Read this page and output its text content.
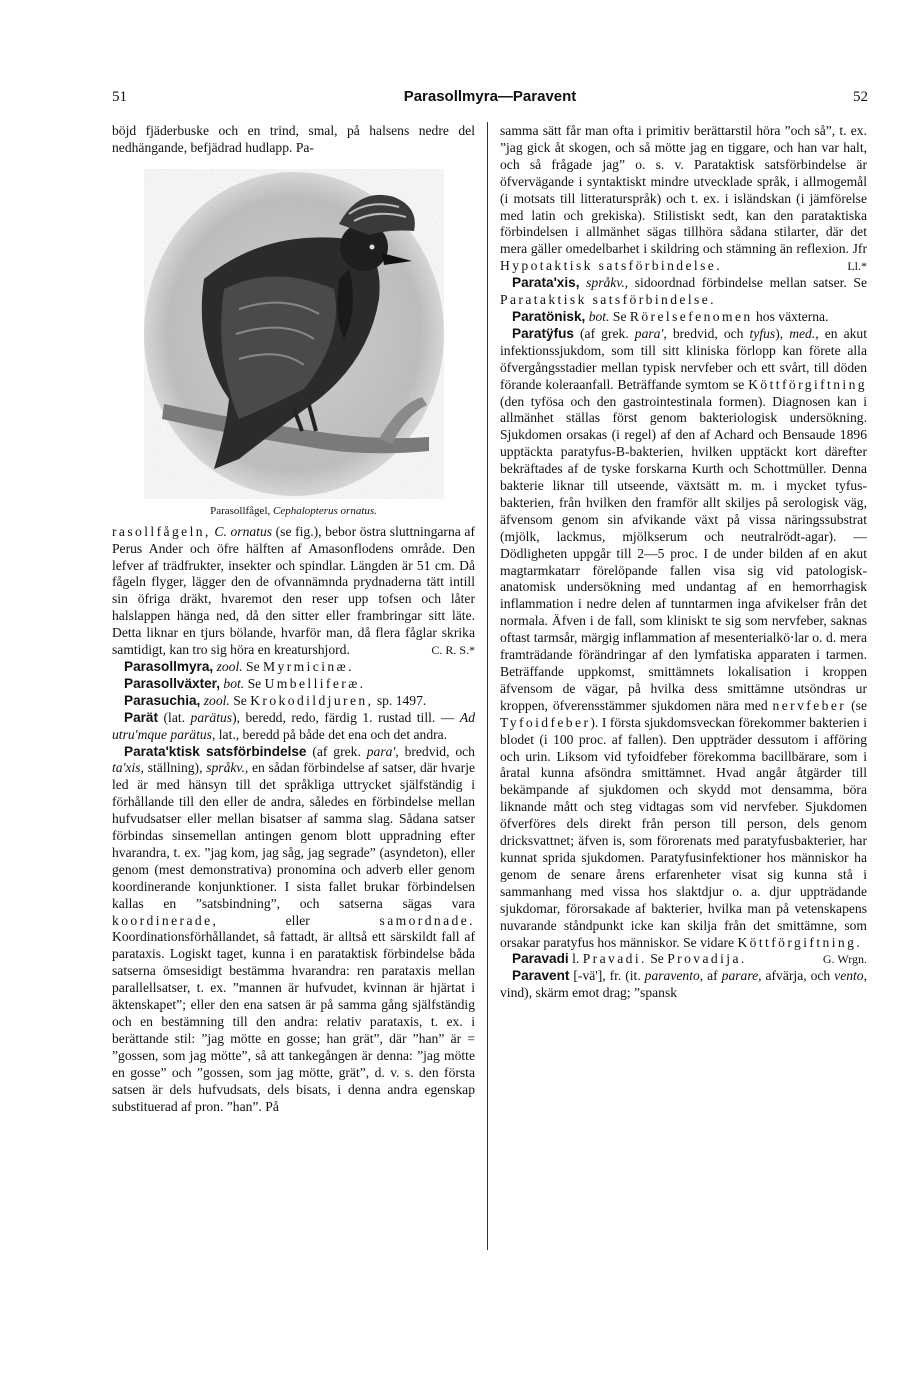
51	Parasollmyra—Paravent	52

böjd fjäderbuske och en trind, smal, på halsens nedre del nedhängande, befjädrad hudlapp. Pa-

Parasollfågel, Cephalopterus ornatus.

rasollfågeln, C. ornatus (se fig.), bebor östra sluttningarna af Perus Ander och öfre hälften af Amasonflodens område. Den lefver af trädfrukter, insekter och spindlar. Längden är 51 cm. Då fågeln flyger, lägger den de ofvannämnda prydnaderna tätt intill sin öfriga dräkt, hvaremot den reser upp tofsen och låter halslappen hänga ned, då den sitter eller frambringar sitt läte. Detta liknar en tjurs bölande, hvarför man, då flera fåglar skrika samtidigt, kan tro sig höra en kreaturshjord.	C. R. S.*

Parasollmyra, zool. Se Myrmicinæ.

Parasollväxter, bot. Se Umbelliferæ.

Parasuchia, zool. Se Krokodildjuren, sp. 1497.

Parät (lat. parätus), beredd, redo, färdig 1. rustad till. — Ad utru'mque parätus, lat., beredd på både det ena och det andra.

Parata'ktisk satsförbindelse (af grek. para', bredvid, och ta'xis, ställning), språkv., en sådan förbindelse af satser, där hvarje led är med hänsyn till det språkliga uttrycket själfständig i förhållande till den eller de andra, således en förbindelse mellan hufvudsatser eller mellan bisatser af samma slag. Sådana satser förbindas sinsemellan antingen genom blott uppradning efter hvarandra, t. ex. ”jag kom, jag såg, jag segrade” (asyndeton), eller genom (mest demonstrativa) pronomina och adverb eller genom koordinerande konjunktioner. I sista fallet brukar förbindelsen kallas en ”satsbindning”, och satserna sägas vara koordinerade, eller	samordnade. Koordinationsförhållandet, så fattadt, är alltså ett särskildt fall af parataxis. Logiskt taget, kunna i en parataktisk förbindelse båda satserna ömsesidigt bestämma hvarandra: ren parataxis mellan parallellsatser, t. ex. ”mannen är hufvudet, kvinnan är hjärtat i äktenskapet”; eller den ena satsen är på samma gång själfständig och en bestämning till den andra: relativ parataxis, t. ex. i berättande stil: ”jag mötte en gosse; han grät”, där ”han” är = ”gossen, som jag mötte”, så att tankegången är denna: ”jag mötte en gosse” och ”gossen, som jag mötte, grät”, d. v. s. den första satsen är dels hufvudsats, dels bisats, i denna andra egenskap substituerad af pron. ”han”. På

samma sätt får man ofta i primitiv berättarstil höra ”och så”, t. ex. ”jag gick åt skogen, och så mötte jag en tiggare, och han var halt, och så frågade jag” o. s. v. Parataktisk satsförbindelse är öfvervägande i syntaktiskt mindre utvecklade språk, i allmogemål (i motsats till litteraturspråk) och t. ex. i isländskan (i jämförelse med latin och grekiska). Stilistiskt sedt, kan den parataktiska förbindelsen i allmänhet sägas tillhöra sådana stilarter, där det mera gäller omedelbarhet i skildring och stämning än reflexion. Jfr Hypotaktisk satsförbindelse.	Ll.*

Parata'xis, språkv., sidoordnad förbindelse mellan satser. Se Parataktisk satsförbindelse.

Paratönisk, bot. Se Rörelsefenomen hos växterna.

Paratÿfus (af grek. para', bredvid, och tyfus), med., en akut infektionssjukdom, som till sitt kliniska förlopp kan förete alla öfvergångsstadier mellan typisk nervfeber och ett svårt, till döden förande koleraanfall. Beträffande symtom se Köttförgiftning (den tyfösa och den gastrointestinala formen). Diagnosen kan i allmänhet ställas först genom bakteriologisk undersökning. Sjukdomen orsakas (i regel) af den af Achard och Bensaude 1896 upptäckta paratyfus-B-bakterien, hvilken upptäckt kort därefter bekräftades af de tyske forskarna Kurth och Schottmüller. Denna bakterie liknar till utseende, växtsätt m. m. i mycket tyfus-bakterien, från hvilken den framför allt skiljes på serologisk väg, äfvensom genom sin afvikande växt på vissa näringssubstrat (mjölk, lackmus, mjölkserum och neutralrödt-agar). — Dödligheten uppgår till 2—5 proc. I de under bilden af en akut magtarmkatarr förelöpande fallen visa sig vid patologisk-anatomisk undersökning med undantag af en hemorrhagisk inflammation i nedre delen af tunntarmen inga afvikelser från det normala. Äfven i de fall, som kliniskt te sig som nervfeber, saknas oftast tarmsår, märgig inflammation af mesenterialkö‧lar o. d. mera framträdande förändringar af den lymfatiska apparaten i tarmen. Beträffande uppkomst, smittämnets lokalisation i kroppen äfvensom de vägar, på hvilka dess smittämne utsöndras ur kroppen, öfverensstämmer sjukdomen nära med nervfeber (se Tyfoidfeber). I första sjukdomsveckan förekommer bakterien i blodet (i 100 proc. af fallen). Den uppträder dessutom i afföring och urin. Liksom vid tyfoidfeber förekomma bacillbärare, som i åratal kunna afsöndra smittämnet. Hvad angår åtgärder till bekämpande af sjukdomen och skydd mot densamma, böra liknande mått och steg vidtagas som vid nervfeber. Sjukdomen öfverföres dels direkt från person till person, dels genom dricksvattnet; äfven is, som förorenats med paratyfusbakterier, har kunnat sprida sjukdomen. Paratyfusinfektioner hos människor ha genom de senare årens erfarenheter visat sig kunna stå i sammanhang med vissa hos slaktdjur o. a. djur uppträdande sjukdomar, förorsakade af bakterier, hvilka man på vetenskapens nuvarande ståndpunkt icke kan skilja från det smittämne, som orsakar paratyfus hos människor. Se vidare Köttförgiftning.
G. Wrgn.

Paravadi l. Pravadi. Se Provadija.

Paravent [-vä'], fr. (it. paravento, af parare, afvärja, och vento, vind), skärm emot drag; ”spansk
